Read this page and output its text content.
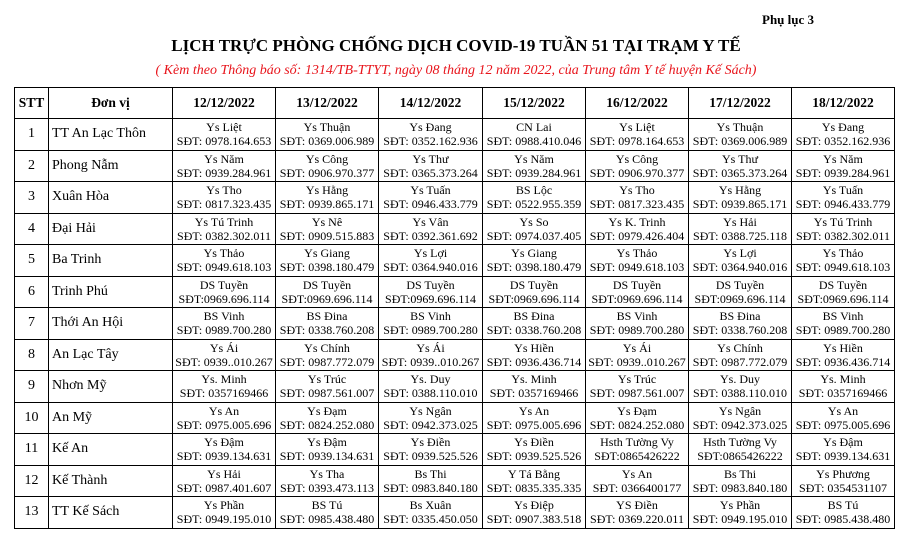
Phụ lục 3
LỊCH TRỰC PHÒNG CHỐNG DỊCH COVID-19 TUẦN 51 TẠI TRẠM Y TẾ
( Kèm theo Thông báo số: 1314/TB-TTYT, ngày 08 tháng 12 năm 2022, của Trung tâm Y tế huyện Kế Sách)
STT	Đơn vị	12/12/2022	13/12/2022	14/12/2022	15/12/2022	16/12/2022	17/12/2022	18/12/2022
1	TT An Lạc Thôn	Ys Liệt
SĐT: 0978.164.653	Ys Thuận
SĐT: 0369.006.989	Ys Đang
SĐT: 0352.162.936	CN Lai
SĐT: 0988.410.046	Ys Liệt
SĐT: 0978.164.653	Ys Thuận
SĐT: 0369.006.989	Ys Đang
SĐT: 0352.162.936

2	Phong Nẫm	Ys Năm
SĐT: 0939.284.961	Ys Công
SĐT: 0906.970.377	Ys Thư
SĐT: 0365.373.264	Ys Năm
SĐT: 0939.284.961	Ys Công
SĐT: 0906.970.377	Ys Thư
SĐT: 0365.373.264	Ys Năm
SĐT: 0939.284.961

3	Xuân Hòa	Ys Tho
SĐT: 0817.323.435	Ys Hằng
SĐT: 0939.865.171	Ys Tuấn
SĐT: 0946.433.779	BS Lộc
SĐT: 0522.955.359	Ys Tho
SĐT: 0817.323.435	Ys Hằng
SĐT: 0939.865.171	Ys Tuấn
SĐT: 0946.433.779

4	Đại Hải	Ys Tú Trinh
SĐT: 0382.302.011	Ys Nê
SĐT: 0909.515.883	Ys Vân
SĐT: 0392.361.692	Ys So
SĐT: 0974.037.405	Ys K. Trinh
SĐT: 0979.426.404	Ys Hải
SĐT: 0388.725.118	Ys Tú Trinh
SĐT: 0382.302.011

5	Ba Trinh	Ys Thảo
SĐT: 0949.618.103	Ys Giang
SĐT: 0398.180.479	Ys Lợi
SĐT: 0364.940.016	Ys Giang
SĐT: 0398.180.479	Ys Thảo
SĐT: 0949.618.103	Ys Lợi
SĐT: 0364.940.016	Ys Thảo
SĐT: 0949.618.103

6	Trinh Phú	DS Tuyền
SĐT:0969.696.114	DS Tuyền
SĐT:0969.696.114	DS Tuyền
SĐT:0969.696.114	DS Tuyền
SĐT:0969.696.114	DS Tuyền
SĐT:0969.696.114	DS Tuyền
SĐT:0969.696.114	DS Tuyền
SĐT:0969.696.114

7	Thới An Hội	BS Vinh
SĐT: 0989.700.280	BS Đina
SĐT: 0338.760.208	BS Vinh
SĐT: 0989.700.280	BS Đina
SĐT: 0338.760.208	BS Vinh
SĐT: 0989.700.280	BS Đina
SĐT: 0338.760.208	BS Vinh
SĐT: 0989.700.280

8	An Lạc Tây	Ys Ái
SĐT: 0939..010.267	Ys Chính
SĐT: 0987.772.079	Ys Ái
SĐT: 0939..010.267	Ys Hiền
SĐT: 0936.436.714	Ys Ái
SĐT: 0939..010.267	Ys Chính
SĐT: 0987.772.079	Ys Hiền
SĐT: 0936.436.714

9	Nhơn Mỹ	Ys. Minh
SĐT: 0357169466	Ys Trúc
SĐT: 0987.561.007	Ys. Duy
SĐT: 0388.110.010	Ys. Minh
SĐT: 0357169466	Ys Trúc
SĐT: 0987.561.007	Ys. Duy
SĐT: 0388.110.010	Ys. Minh
SĐT: 0357169466

10	An Mỹ	Ys An
SĐT: 0975.005.696	Ys Đạm
SĐT: 0824.252.080	Ys Ngân
SĐT: 0942.373.025	Ys An
SĐT: 0975.005.696	Ys Đạm
SĐT: 0824.252.080	Ys Ngân
SĐT: 0942.373.025	Ys An
SĐT: 0975.005.696

11	Kế An	Ys Đậm
SĐT: 0939.134.631	Ys Đậm
SĐT: 0939.134.631	Ys Điền
SĐT: 0939.525.526	Ys Điền
SĐT: 0939.525.526	Hsth Tường Vy
SĐT:0865426222	Hsth Tường Vy
SĐT:0865426222	Ys Đậm
SĐT: 0939.134.631

12	Kế Thành	Ys Hải
SĐT: 0987.401.607	Ys Tha
SĐT: 0393.473.113	Bs Thi
SĐT: 0983.840.180	Y Tá Bằng
SĐT: 0835.335.335	Ys An
SĐT: 0366400177	Bs Thi
SĐT: 0983.840.180	Ys Phương
SĐT: 0354531107

13	TT Kế Sách	Ys Phần
SĐT: 0949.195.010	BS Tú
SĐT: 0985.438.480	Bs Xuân
SĐT: 0335.450.050	Ys Điệp
SĐT: 0907.383.518	YS Điền
SĐT: 0369.220.011	Ys Phần
SĐT: 0949.195.010	BS Tú
SĐT: 0985.438.480
